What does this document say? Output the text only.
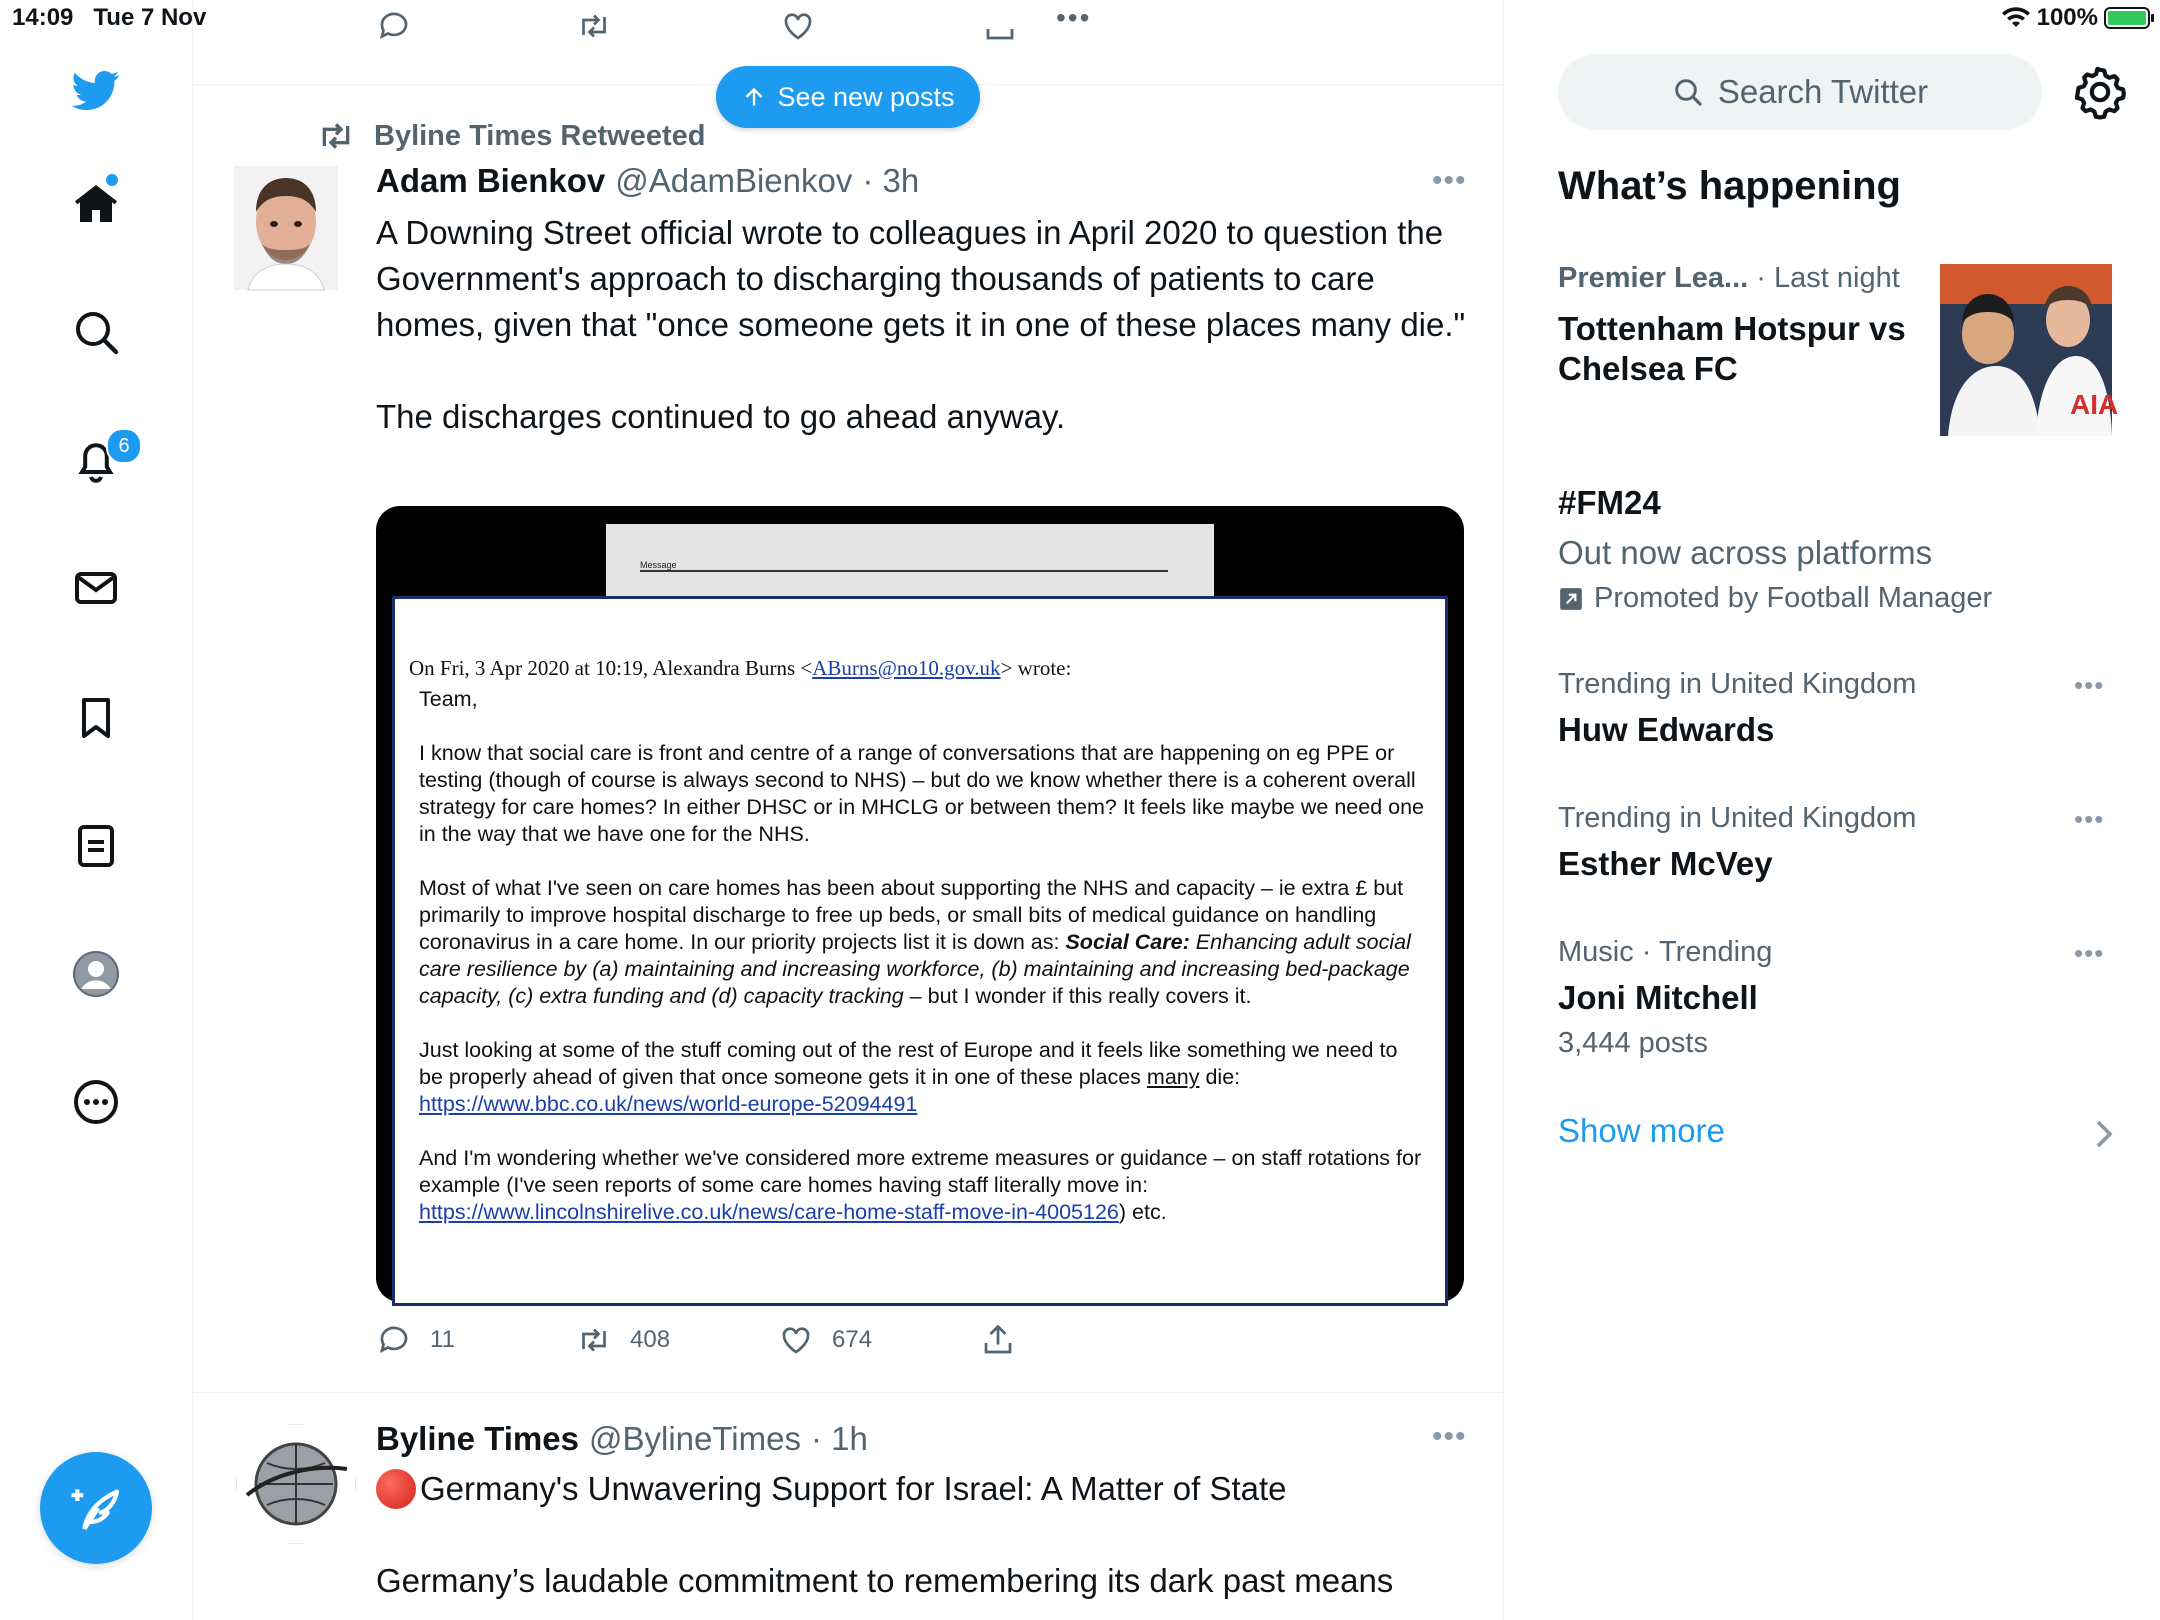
14:09 Tue 7 Nov	•••	100%
6
See new posts
Byline Times Retweeted
Adam Bienkov @AdamBienkov · 3h	•••
A Downing Street official wrote to colleagues in April 2020 to question the Government's approach to discharging thousands of patients to care homes, given that "once someone gets it in one of these places many die."

The discharges continued to go ahead anyway.
Message
On Fri, 3 Apr 2020 at 10:19, Alexandra Burns <ABurns@no10.gov.uk> wrote:

Team,

I know that social care is front and centre of a range of conversations that are happening on eg PPE or testing (though of course is always second to NHS) – but do we know whether there is a coherent overall strategy for care homes? In either DHSC or in MHCLG or between them? It feels like maybe we need one in the way that we have one for the NHS.

Most of what I've seen on care homes has been about supporting the NHS and capacity – ie extra £ but primarily to improve hospital discharge to free up beds, or small bits of medical guidance on handling coronavirus in a care home. In our priority projects list it is down as: Social Care: Enhancing adult social care resilience by (a) maintaining and increasing workforce, (b) maintaining and increasing bed-package capacity, (c) extra funding and (d) capacity tracking – but I wonder if this really covers it.

Just looking at some of the stuff coming out of the rest of Europe and it feels like something we need to be properly ahead of given that once someone gets it in one of these places many die:
https://www.bbc.co.uk/news/world-europe-52094491

And I'm wondering whether we've considered more extreme measures or guidance – on staff rotations for example (I've seen reports of some care homes having staff literally move in: https://www.lincolnshirelive.co.uk/news/care-home-staff-move-in-4005126) etc.

11	408	674
Byline Times @BylineTimes · 1h	•••
Germany's Unwavering Support for Israel: A Matter of State
Germany’s laudable commitment to remembering its dark past means
Search Twitter
What’s happening
Premier Lea... · Last night
Tottenham Hotspur vs Chelsea FC
AIA
#FM24
Out now across platforms
Promoted by Football Manager
Trending in United Kingdom
Huw Edwards
•••
Trending in United Kingdom
Esther McVey
•••
Music · Trending
Joni Mitchell
3,444 posts
•••
Show more
